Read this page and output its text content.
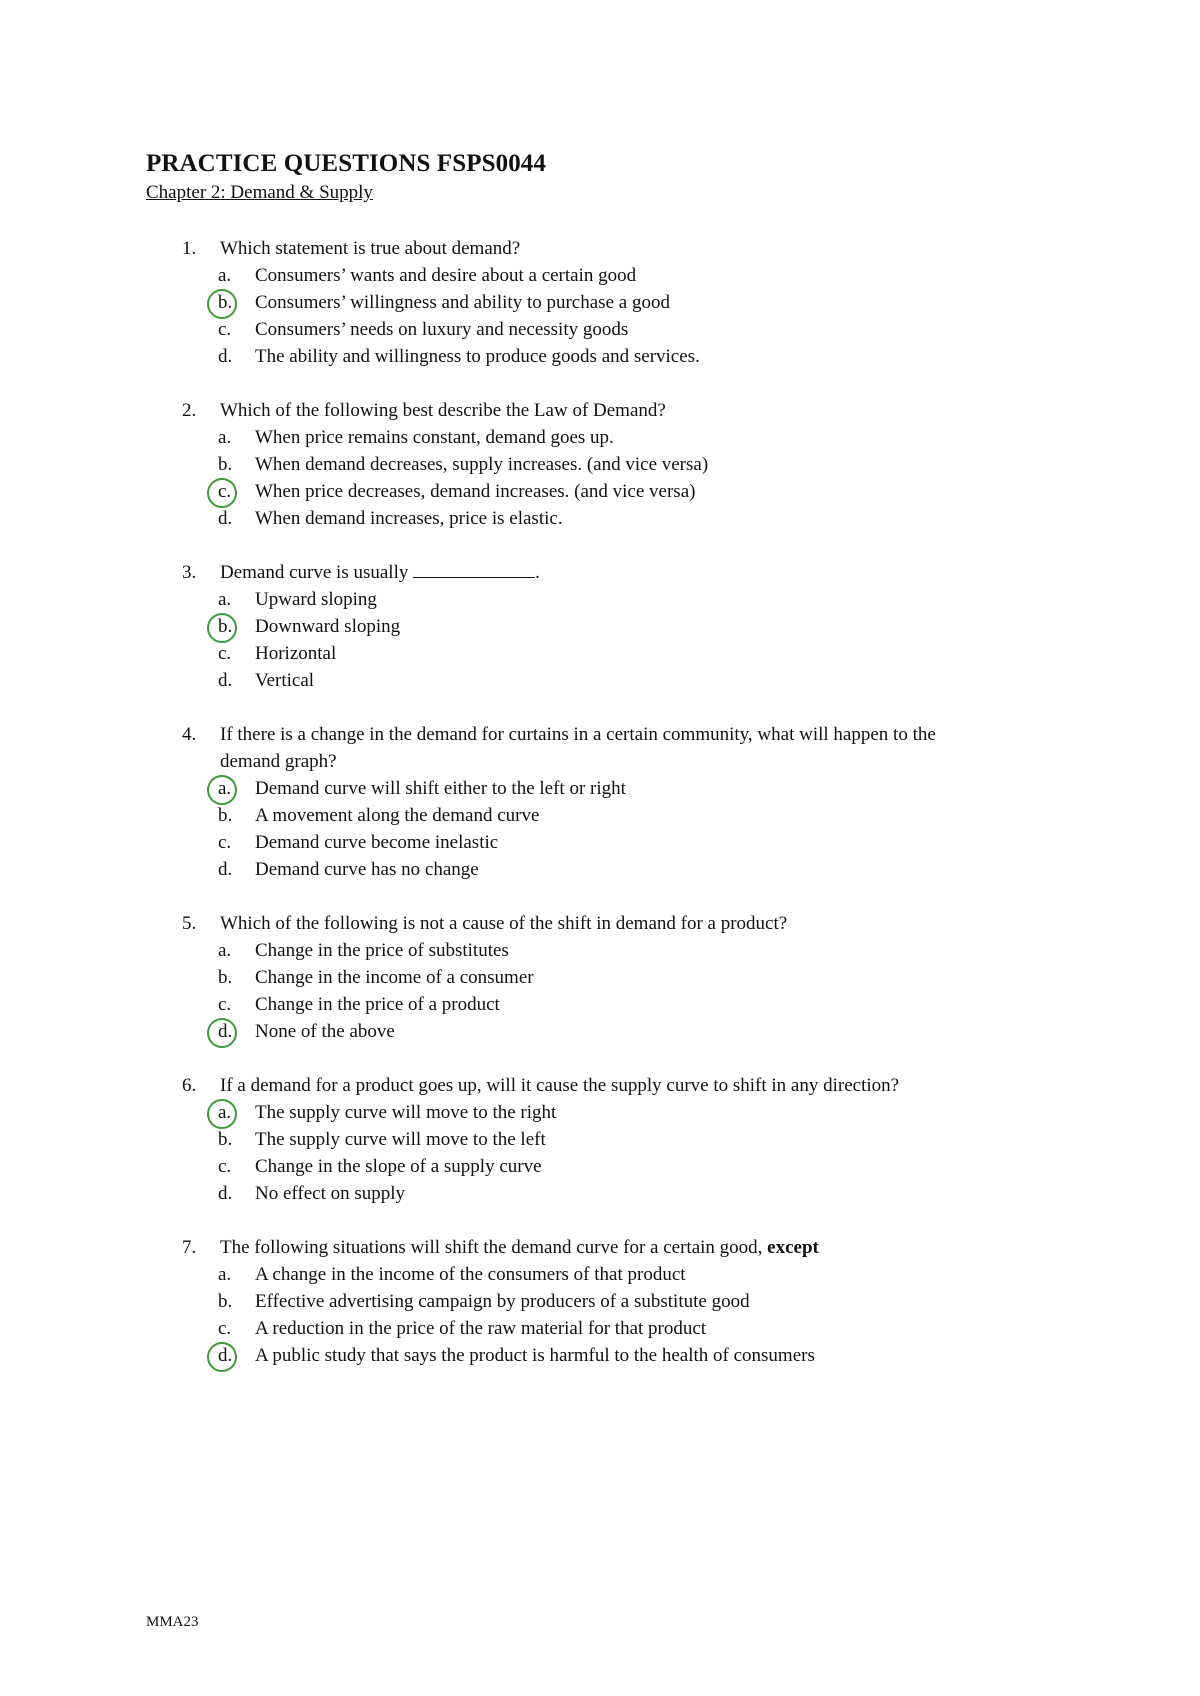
PRACTICE QUESTIONS FSPS0044
Chapter 2: Demand & Supply
1. Which statement is true about demand?
a. Consumers’ wants and desire about a certain good
b. Consumers’ willingness and ability to purchase a good
c. Consumers’ needs on luxury and necessity goods
d. The ability and willingness to produce goods and services.
2. Which of the following best describe the Law of Demand?
a. When price remains constant, demand goes up.
b. When demand decreases, supply increases. (and vice versa)
c. When price decreases, demand increases. (and vice versa)
d. When demand increases, price is elastic.
3. Demand curve is usually	.
a. Upward sloping
b. Downward sloping
c. Horizontal
d. Vertical
4. If there is a change in the demand for curtains in a certain community, what will happen to the
demand graph?
a. Demand curve will shift either to the left or right
b. A movement along the demand curve
c. Demand curve become inelastic
d. Demand curve has no change
5. Which of the following is not a cause of the shift in demand for a product?
a. Change in the price of substitutes
b. Change in the income of a consumer
c. Change in the price of a product
d. None of the above
6. If a demand for a product goes up, will it cause the supply curve to shift in any direction?
a. The supply curve will move to the right
b. The supply curve will move to the left
c. Change in the slope of a supply curve
d. No effect on supply
7. The following situations will shift the demand curve for a certain good, except
a. A change in the income of the consumers of that product
b. Effective advertising campaign by producers of a substitute good
c. A reduction in the price of the raw material for that product
d. A public study that says the product is harmful to the health of consumers
MMA23
